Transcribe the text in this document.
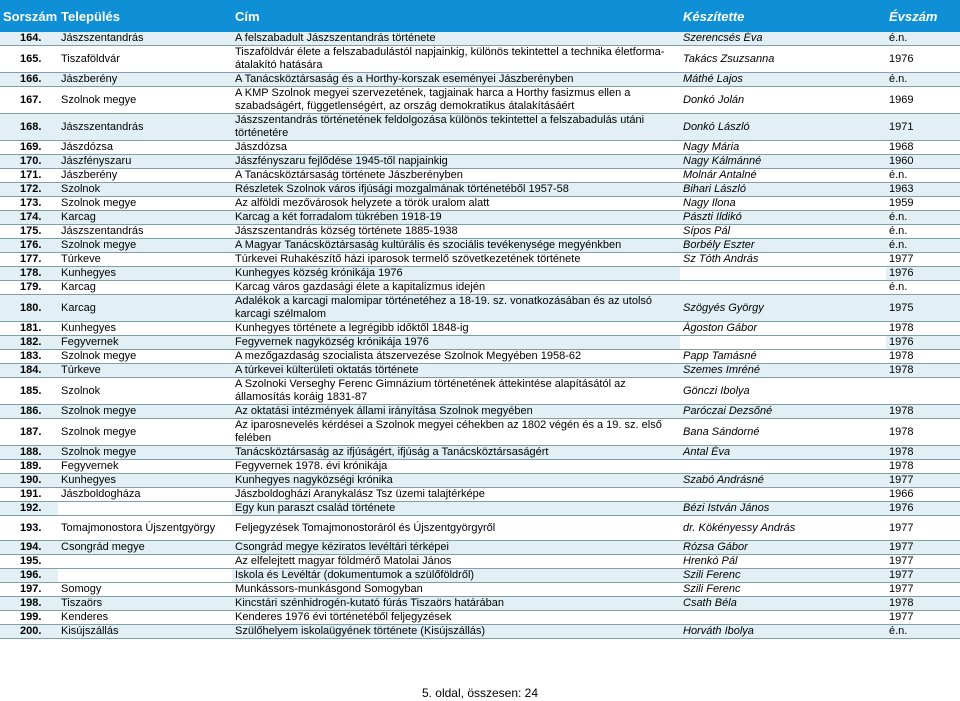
Sorszám	Település	Cím	Készítette	Évszám
164.	Jászszentandrás	A felszabadult Jászszentandrás története	Szerencsés Éva	é.n.
165.	Tiszaföldvár	Tiszaföldvár élete a felszabadulástól napjainkig, különös tekintettel a technika életforma-átalakító hatására	Takács Zsuzsanna	1976
166.	Jászberény	A Tanácsköztársaság és a Horthy-korszak eseményei Jászberényben	Máthé Lajos	é.n.
167.	Szolnok megye	A KMP Szolnok megyei szervezetének, tagjainak harca a Horthy fasizmus ellen a szabadságért, függetlenségért, az ország demokratikus átalakításáért	Donkó Jolán	1969
168.	Jászszentandrás	Jászszentandrás történetének feldolgozása különös tekintettel a felszabadulás utáni történetére	Donkó László	1971
169.	Jászdózsa	Jászdózsa	Nagy Mária	1968
170.	Jászfényszaru	Jászfényszaru fejlődése 1945-től napjainkig	Nagy Kálmánné	1960
171.	Jászberény	A Tanácsköztársaság története Jászberényben	Molnár Antalné	é.n.
172.	Szolnok	Részletek Szolnok város ifjúsági mozgalmának történetéből 1957-58	Bihari László	1963
173.	Szolnok megye	Az alföldi mezővárosok helyzete a török uralom alatt	Nagy Ilona	1959
174.	Karcag	Karcag a két forradalom tükrében 1918-19	Pászti Ildikó	é.n.
175.	Jászszentandrás	Jászszentandrás község története 1885-1938	Sípos Pál	é.n.
176.	Szolnok megye	A Magyar Tanácsköztársaság kultúrális és szociális tevékenysége megyénkben	Borbély Eszter	é.n.
177.	Túrkeve	Túrkevei Ruhakészítő házi iparosok termelő szövetkezetének története	Sz Tóth András	1977
178.	Kunhegyes	Kunhegyes község krónikája 1976		1976
179.	Karcag	Karcag város gazdasági élete a kapitalizmus idején		é.n.
180.	Karcag	Adalékok a karcagi malomipar történetéhez a 18-19. sz. vonatkozásában és az utolsó karcagi szélmalom	Szögyés György	1975
181.	Kunhegyes	Kunhegyes története a legrégibb időktől 1848-ig	Ágoston Gábor	1978
182.	Fegyvernek	Fegyvernek nagyközség krónikája 1976		1976
183.	Szolnok megye	A mezőgazdaság szocialista átszervezése Szolnok Megyében 1958-62	Papp Tamásné	1978
184.	Túrkeve	A túrkevei külterületi oktatás története	Szemes Imréné	1978
185.	Szolnok	A Szolnoki Verseghy Ferenc Gimnázium történetének áttekintése alapításától az államosítás koráig 1831-87	Gönczi Ibolya	
186.	Szolnok megye	Az oktatási intézmények állami irányítása Szolnok megyében	Paróczai Dezsőné	1978
187.	Szolnok megye	Az iparosnevelés kérdései a Szolnok megyei céhekben az 1802 végén és a 19. sz. első felében	Bana Sándorné	1978
188.	Szolnok megye	Tanácsköztársaság az ifjúságért, ifjúság a Tanácsköztársaságért	Antal Éva	1978
189.	Fegyvernek	Fegyvernek 1978. évi krónikája		1978
190.	Kunhegyes	Kunhegyes nagyközségi krónika	Szabó Andrásné	1977
191.	Jászboldogháza	Jászboldogházi Aranykalász Tsz üzemi talajtérképe		1966
192.		Egy kun paraszt család története	Bézi István János	1976
193.	Tomajmonostora Újszentgyörgy	Feljegyzések Tomajmonostoráról és Újszentgyörgyről	dr. Kökényessy András	1977
194.	Csongrád megye	Csongrád megye kéziratos levéltári térképei	Rózsa Gábor	1977
195.		Az elfelejtett magyar földmérő Matolai János	Hrenkó Pál	1977
196.		Iskola és Levéltár (dokumentumok a szülőföldről)	Szili Ferenc	1977
197.	Somogy	Munkássors-munkásgond Somogyban	Szili Ferenc	1977
198.	Tiszaörs	Kincstári szénhidrogén-kutató fúrás Tiszaörs határában	Csath Béla	1978
199.	Kenderes	Kenderes 1976 évi történetéből feljegyzések		1977
200.	Kisújszállás	Szülőhelyem iskolaügyének története (Kisújszállás)	Horváth Ibolya	é.n.
5. oldal, összesen: 24
